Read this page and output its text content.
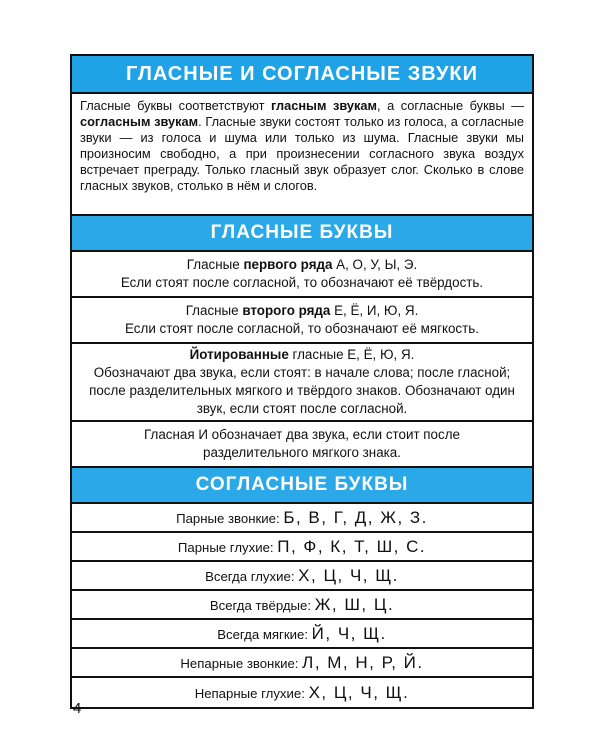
ГЛАСНЫЕ И СОГЛАСНЫЕ ЗВУКИ
Гласные буквы соответствуют гласным звукам, а согласные буквы — согласным звукам. Гласные звуки состоят только из голоса, а согласные звуки — из голоса и шума или только из шума. Гласные звуки мы произносим свободно, а при произнесении согласного звука воздух встречает преграду. Только гласный звук образует слог. Сколько в слове гласных звуков, столько в нём и слогов.
ГЛАСНЫЕ БУКВЫ
Гласные первого ряда А, О, У, Ы, Э.
Если стоят после согласной, то обозначают её твёрдость.
Гласные второго ряда Е, Ё, И, Ю, Я.
Если стоят после согласной, то обозначают её мягкость.
Йотированные гласные Е, Ё, Ю, Я.
Обозначают два звука, если стоят: в начале слова; после гласной; после разделительных мягкого и твёрдого знаков. Обозначают один звук, если стоят после согласной.
Гласная И обозначает два звука, если стоит после разделительного мягкого знака.
СОГЛАСНЫЕ БУКВЫ
Парные звонкие: Б, В, Г, Д, Ж, З.
Парные глухие: П, Ф, К, Т, Ш, С.
Всегда глухие: Х, Ц, Ч, Щ.
Всегда твёрдые: Ж, Ш, Ц.
Всегда мягкие: Й, Ч, Щ.
Непарные звонкие: Л, М, Н, Р, Й.
Непарные глухие: Х, Ц, Ч, Щ.
4
